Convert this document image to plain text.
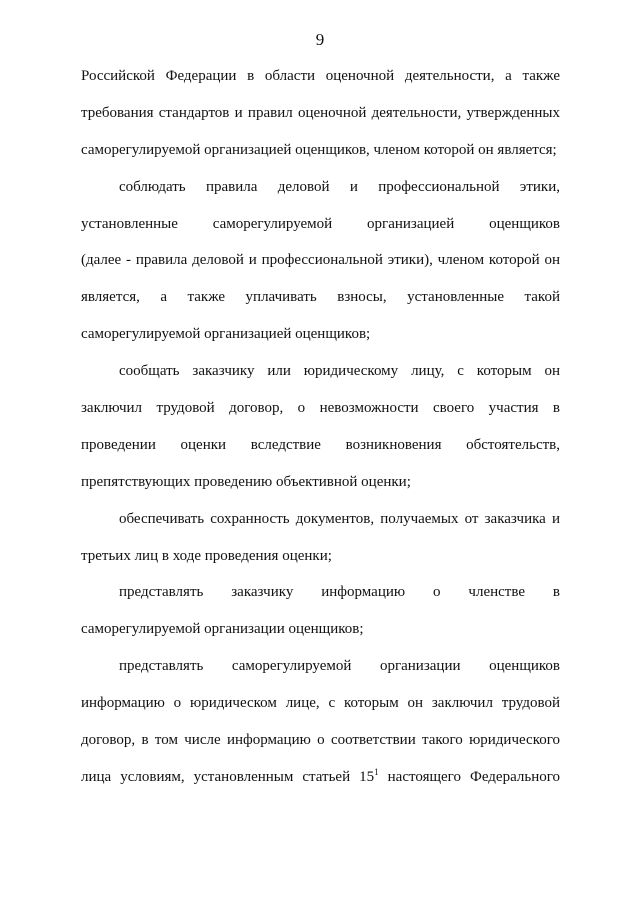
9
Российской Федерации в области оценочной деятельности, а также
требования стандартов и правил оценочной деятельности, утвержденных
саморегулируемой организацией оценщиков, членом которой он является;
соблюдать правила деловой и профессиональной этики,
установленные саморегулируемой организацией оценщиков
(далее - правила деловой и профессиональной этики), членом которой он
является, а также уплачивать взносы, установленные такой
саморегулируемой организацией оценщиков;
сообщать заказчику или юридическому лицу, с которым он
заключил трудовой договор, о невозможности своего участия в
проведении оценки вследствие возникновения обстоятельств,
препятствующих проведению объективной оценки;
обеспечивать сохранность документов, получаемых от заказчика и
третьих лиц в ходе проведения оценки;
представлять заказчику информацию о членстве в
саморегулируемой организации оценщиков;
представлять саморегулируемой организации оценщиков
информацию о юридическом лице, с которым он заключил трудовой
договор, в том числе информацию о соответствии такого юридического
лица условиям, установленным статьей $15^1$ настоящего Федерального
